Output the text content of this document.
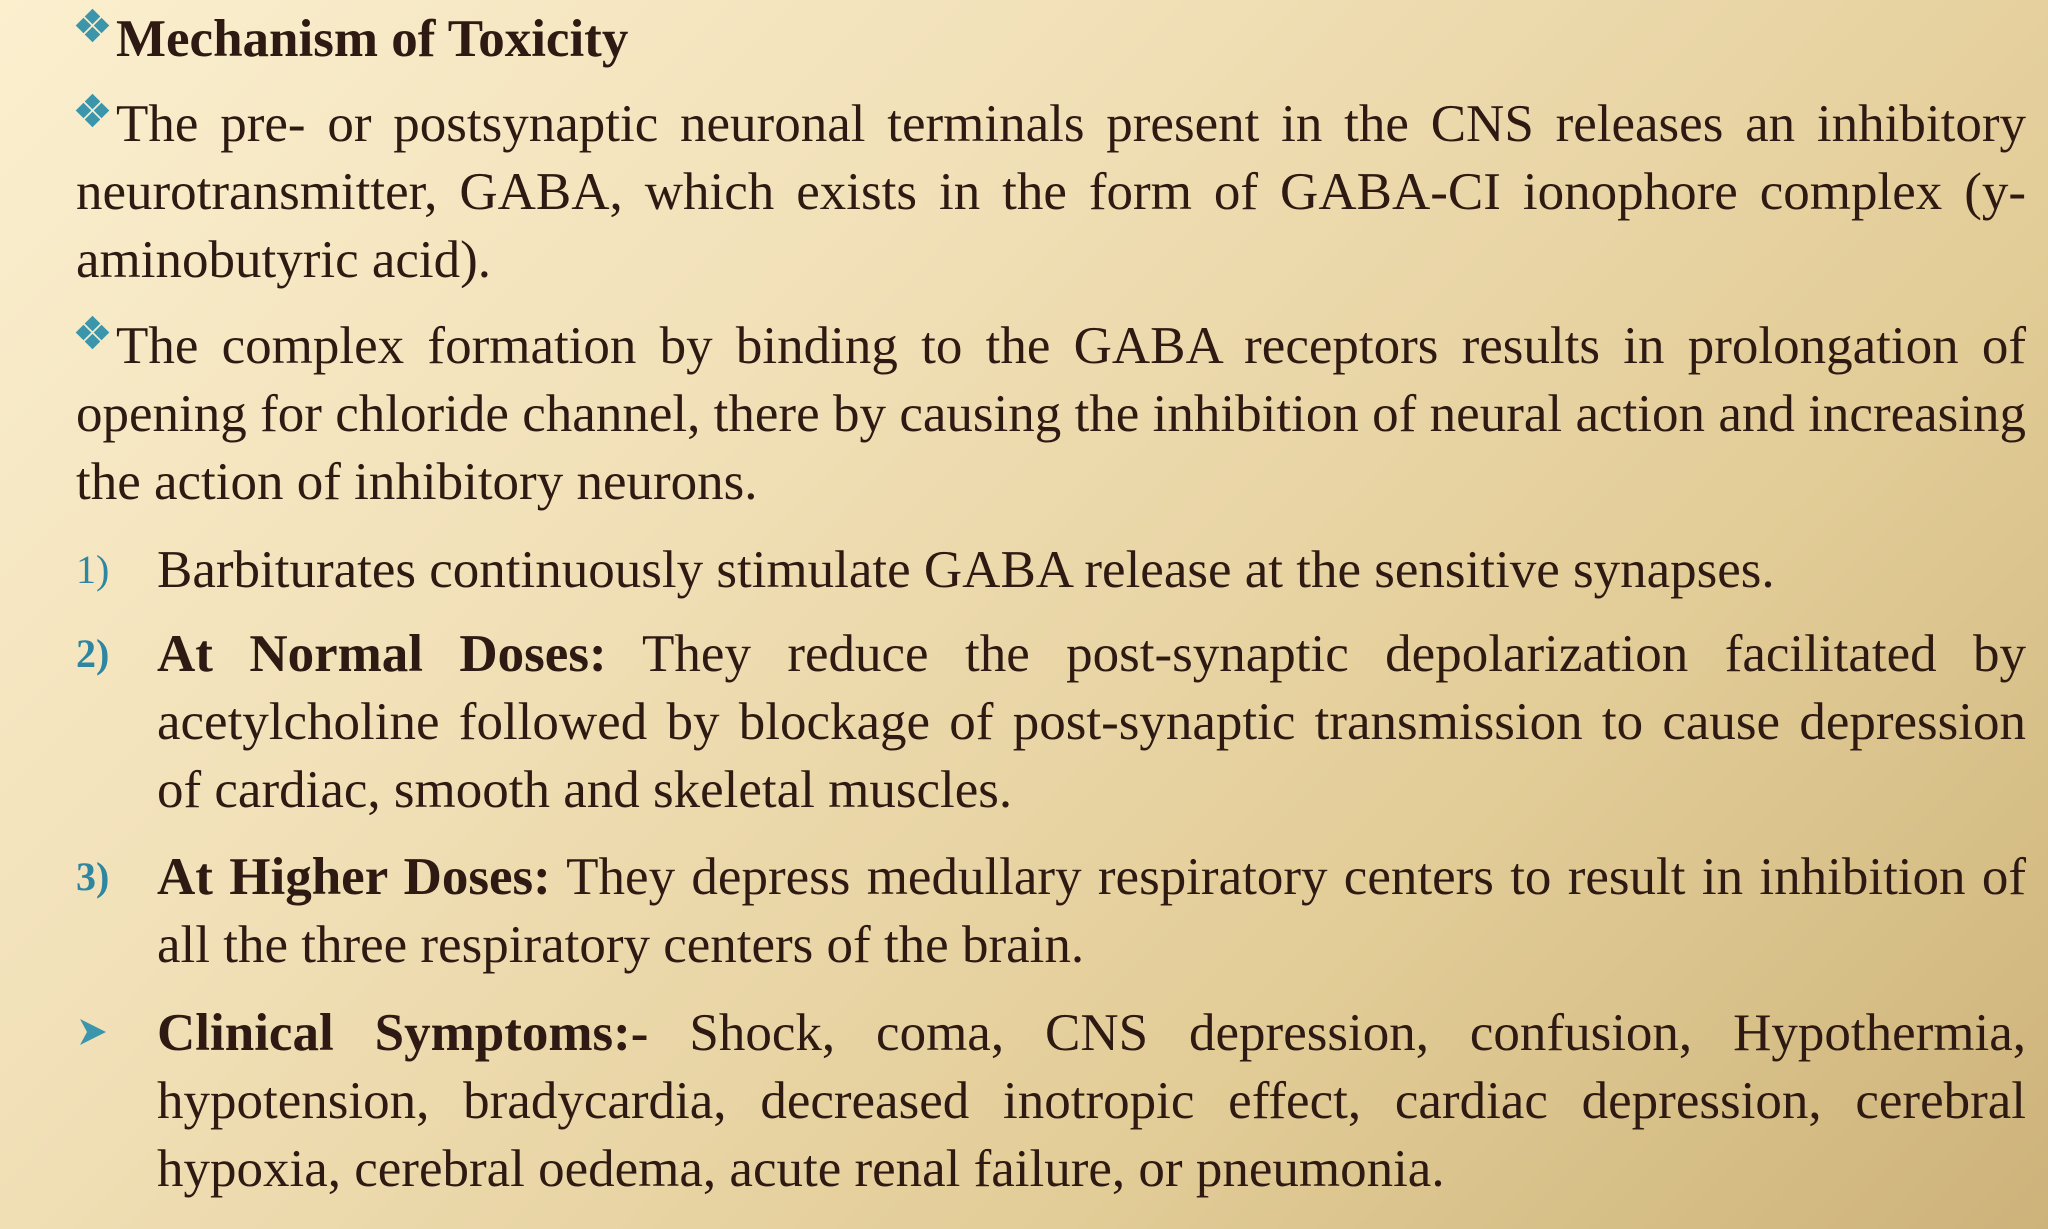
Mechanism of Toxicity

The pre- or postsynaptic neuronal terminals present in the CNS releases an inhibitory neurotransmitter, GABA, which exists in the form of GABA-CI ionophore complex (y-aminobutyric acid).

The complex formation by binding to the GABA receptors results in prolongation of opening for chloride channel, there by causing the inhibition of neural action and increasing the action of inhibitory neurons.

1) Barbiturates continuously stimulate GABA release at the sensitive synapses.

2) At Normal Doses: They reduce the post-synaptic depolarization facilitated by acetylcholine followed by blockage of post-synaptic transmission to cause depression of cardiac, smooth and skeletal muscles.

3) At Higher Doses: They depress medullary respiratory centers to result in inhibition of all the three respiratory centers of the brain.

Clinical Symptoms:- Shock, coma, CNS depression, confusion, Hypothermia, hypotension, bradycardia, decreased inotropic effect, cardiac depression, cerebral hypoxia, cerebral oedema, acute renal failure, or pneumonia.
